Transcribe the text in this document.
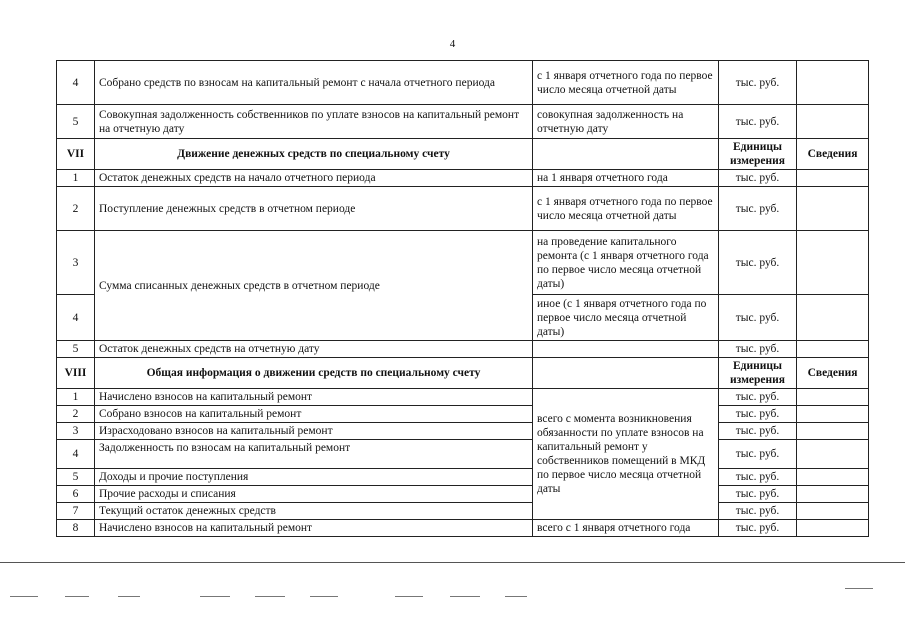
4
4	Собрано средств по взносам на капитальный ремонт с начала отчетного периода	с 1 января отчетного года по первое число месяца отчетной даты	тыс. руб.	
5	Совокупная задолженность собственников по уплате взносов на капитальный ремонт на отчетную дату	совокупная задолженность на отчетную дату	тыс. руб.	
VII	Движение денежных средств по специальному счету		Единицы измерения	Сведения
1	Остаток денежных средств на начало отчетного периода	на 1 января отчетного года	тыс. руб.	
2	Поступление денежных средств в отчетном периоде	с 1 января отчетного года по первое число месяца отчетной даты	тыс. руб.	
3	Сумма списанных денежных средств в отчетном периоде	на проведение капитального ремонта (с 1 января отчетного года по первое число месяца отчетной даты)	тыс. руб.	
4		иное (с 1 января отчетного года по первое число месяца отчетной даты)	тыс. руб.	
5	Остаток денежных средств на отчетную дату		тыс. руб.	
VIII	Общая информация о движении средств по специальному счету		Единицы измерения	Сведения
1	Начислено взносов на капитальный ремонт	всего с момента возникновения обязанности по уплате взносов на капитальный ремонт у собственников помещений в МКД по первое число месяца отчетной даты	тыс. руб.	
2	Собрано взносов на капитальный ремонт		тыс. руб.	
3	Израсходовано взносов на капитальный ремонт		тыс. руб.	
4	Задолженность по взносам на капитальный ремонт		тыс. руб.	
5	Доходы и прочие поступления		тыс. руб.	
6	Прочие расходы и списания		тыс. руб.	
7	Текущий остаток денежных средств		тыс. руб.	
8	Начислено взносов на капитальный ремонт	всего с 1 января отчетного года	тыс. руб.	
